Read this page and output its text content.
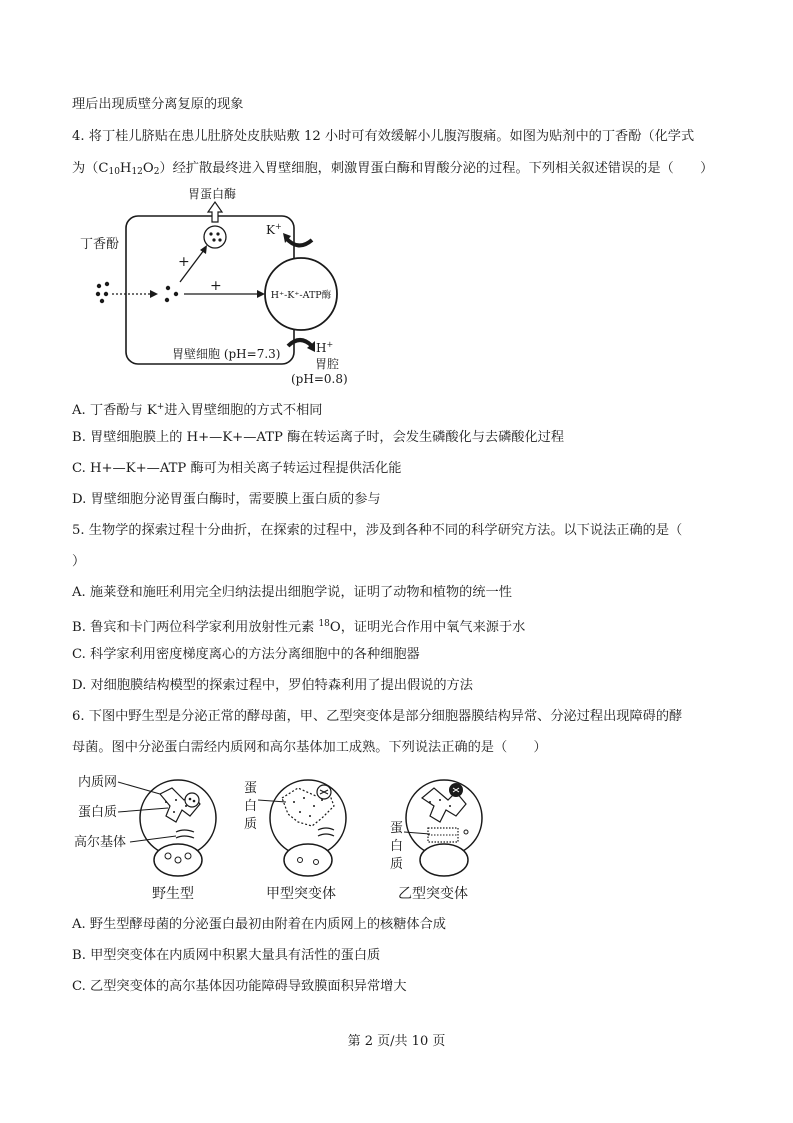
理后出现质壁分离复原的现象
4. 将丁桂儿脐贴在患儿肚脐处皮肤贴敷 12 小时可有效缓解小儿腹泻腹痛。如图为贴剂中的丁香酚（化学式
为$(C_{10}H_{12}O_2)$经扩散最终进入胃壁细胞，刺激胃蛋白酶和胃酸分泌的过程。下列相关叙述错误的是（　　）
胃蛋白酶
H⁺-K⁺-ATP酶
K+
H+
胃腔
(pH=0.8)
丁香酚
+
+
胃壁细胞 (pH=7.3)
A. 丁香酚与 K+进入胃壁细胞的方式不相同
B. 胃壁细胞膜上的 H+—K+—ATP 酶在转运离子时，会发生磷酸化与去磷酸化过程
C. H+—K+—ATP 酶可为相关离子转运过程提供活化能
D. 胃壁细胞分泌胃蛋白酶时，需要膜上蛋白质的参与
5. 生物学的探索过程十分曲折，在探索的过程中，涉及到各种不同的科学研究方法。以下说法正确的是（
）
A. 施莱登和施旺利用完全归纳法提出细胞学说，证明了动物和植物的统一性
B. 鲁宾和卡门两位科学家利用放射性元素 $^{18}$O，证明光合作用中氧气来源于水
C. 科学家利用密度梯度离心的方法分离细胞中的各种细胞器
D. 对细胞膜结构模型的探索过程中，罗伯特森利用了提出假说的方法
6. 下图中野生型是分泌正常的酵母菌，甲、乙型突变体是部分细胞器膜结构异常、分泌过程出现障碍的酵
母菌。图中分泌蛋白需经内质网和高尔基体加工成熟。下列说法正确的是（　　）
内质网
蛋白质
高尔基体
野生型
蛋
白
质
甲型突变体
蛋
白
质
乙型突变体
A. 野生型酵母菌的分泌蛋白最初由附着在内质网上的核糖体合成
B. 甲型突变体在内质网中积累大量具有活性的蛋白质
C. 乙型突变体的高尔基体因功能障碍导致膜面积异常增大
第 2 页/共 10 页
